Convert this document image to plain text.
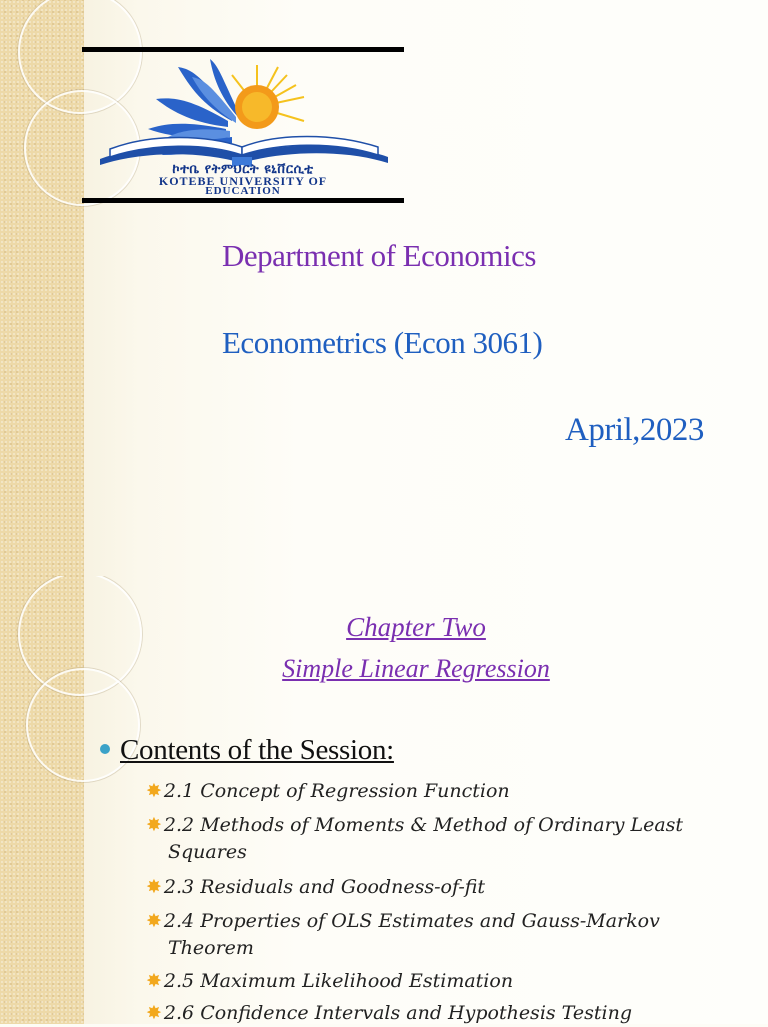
ኮተቤ የትምህርት ዩኒቨርሲቲ
KOTEBE UNIVERSITY OF
EDUCATION
Department of Economics
Econometrics (Econ 3061)
April,2023
Chapter Two
Simple Linear Regression
Contents of the Session:
✸ 2.1 Concept of Regression Function
✸ 2.2 Methods of Moments & Method of Ordinary Least
Squares
✸ 2.3 Residuals and Goodness-of-fit
✸ 2.4 Properties of OLS Estimates and Gauss-Markov
Theorem
✸ 2.5 Maximum Likelihood Estimation
✸ 2.6 Confidence Intervals and Hypothesis Testing
